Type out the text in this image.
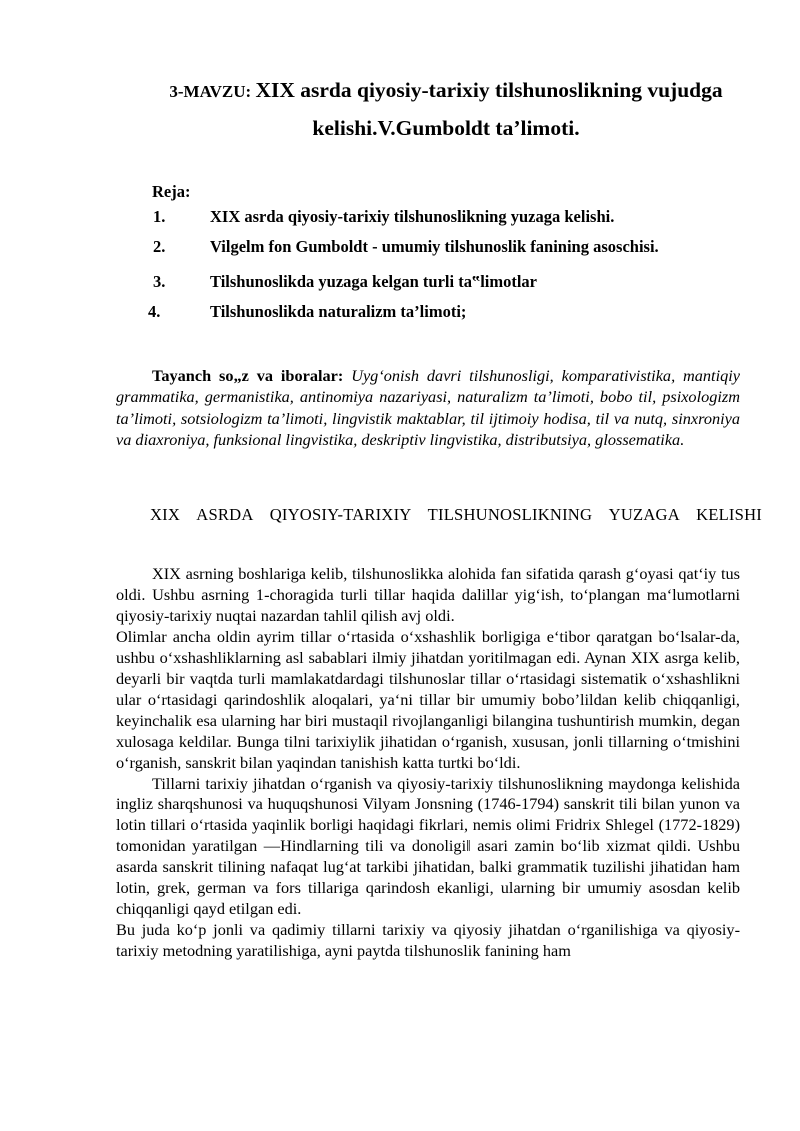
3-MAVZU: XIX asrda qiyosiy-tarixiy tilshunoslikning vujudga
kelishi.V.Gumboldt ta’limoti.
Reja:
1.	XIX asrda qiyosiy-tarixiy tilshunoslikning yuzaga kelishi.
2.	Vilgelm fon Gumboldt - umumiy tilshunoslik fanining asoschisi.
3.	Tilshunoslikda yuzaga kelgan turli ta‟limotlar
4.	Tilshunoslikda naturalizm ta’limoti;
Tayanch so„z va iboralar: Uyg‘onish davri tilshunosligi, komparativistika, mantiqiy grammatika, germanistika, antinomiya nazariyasi, naturalizm ta’limoti, bobo til, psixologizm ta’limoti, sotsiologizm ta’limoti, lingvistik maktablar, til ijtimoiy hodisa, til va nutq, sinxroniya va diaxroniya, funksional lingvistika, deskriptiv lingvistika, distributsiya, glossematika.
XIX ASRDA QIYOSIY-TARIXIY TILSHUNOSLIKNING YUZAGA KELISHI

XIX asrning boshlariga kelib, tilshunoslikka alohida fan sifatida qarash g‘oyasi qat‘iy tus oldi. Ushbu asrning 1-choragida turli tillar haqida dalillar yig‘ish, to‘plangan ma‘lumotlarni qiyosiy-tarixiy nuqtai nazardan tahlil qilish avj oldi.

Olimlar ancha oldin ayrim tillar o‘rtasida o‘xshashlik borligiga e‘tibor qaratgan bo‘lsalar-da, ushbu o‘xshashliklarning asl sabablari ilmiy jihatdan yoritilmagan edi. Aynan XIX asrga kelib, deyarli bir vaqtda turli mamlakatdardagi tilshunoslar tillar o‘rtasidagi sistematik o‘xshashlikni ular o‘rtasidagi qarindoshlik aloqalari, ya‘ni tillar bir umumiy bobo’lildan kelib chiqqanligi, keyinchalik esa ularning har biri mustaqil rivojlanganligi bilangina tushuntirish mumkin, degan xulosaga keldilar. Bunga tilni tarixiylik jihatidan o‘rganish, xususan, jonli tillarning o‘tmishini o‘rganish, sanskrit bilan yaqindan tanishish katta turtki bo‘ldi.

Tillarni tarixiy jihatdan o‘rganish va qiyosiy-tarixiy tilshunoslikning maydonga kelishida ingliz sharqshunosi va huquqshunosi Vilyam Jonsning (1746-1794) sanskrit tili bilan yunon va lotin tillari o‘rtasida yaqinlik borligi haqidagi fikrlari, nemis olimi Fridrix Shlegel (1772-1829) tomonidan yaratilgan ―Hindlarning tili va donoligi‖ asari zamin bo‘lib xizmat qildi. Ushbu asarda sanskrit tilining nafaqat lug‘at tarkibi jihatidan, balki grammatik tuzilishi jihatidan ham lotin, grek, german va fors tillariga qarindosh ekanligi, ularning bir umumiy asosdan kelib chiqqanligi qayd etilgan edi.

Bu juda ko‘p jonli va qadimiy tillarni tarixiy va qiyosiy jihatdan o‘rganilishiga va qiyosiy-tarixiy metodning yaratilishiga, ayni paytda tilshunoslik fanining ham
